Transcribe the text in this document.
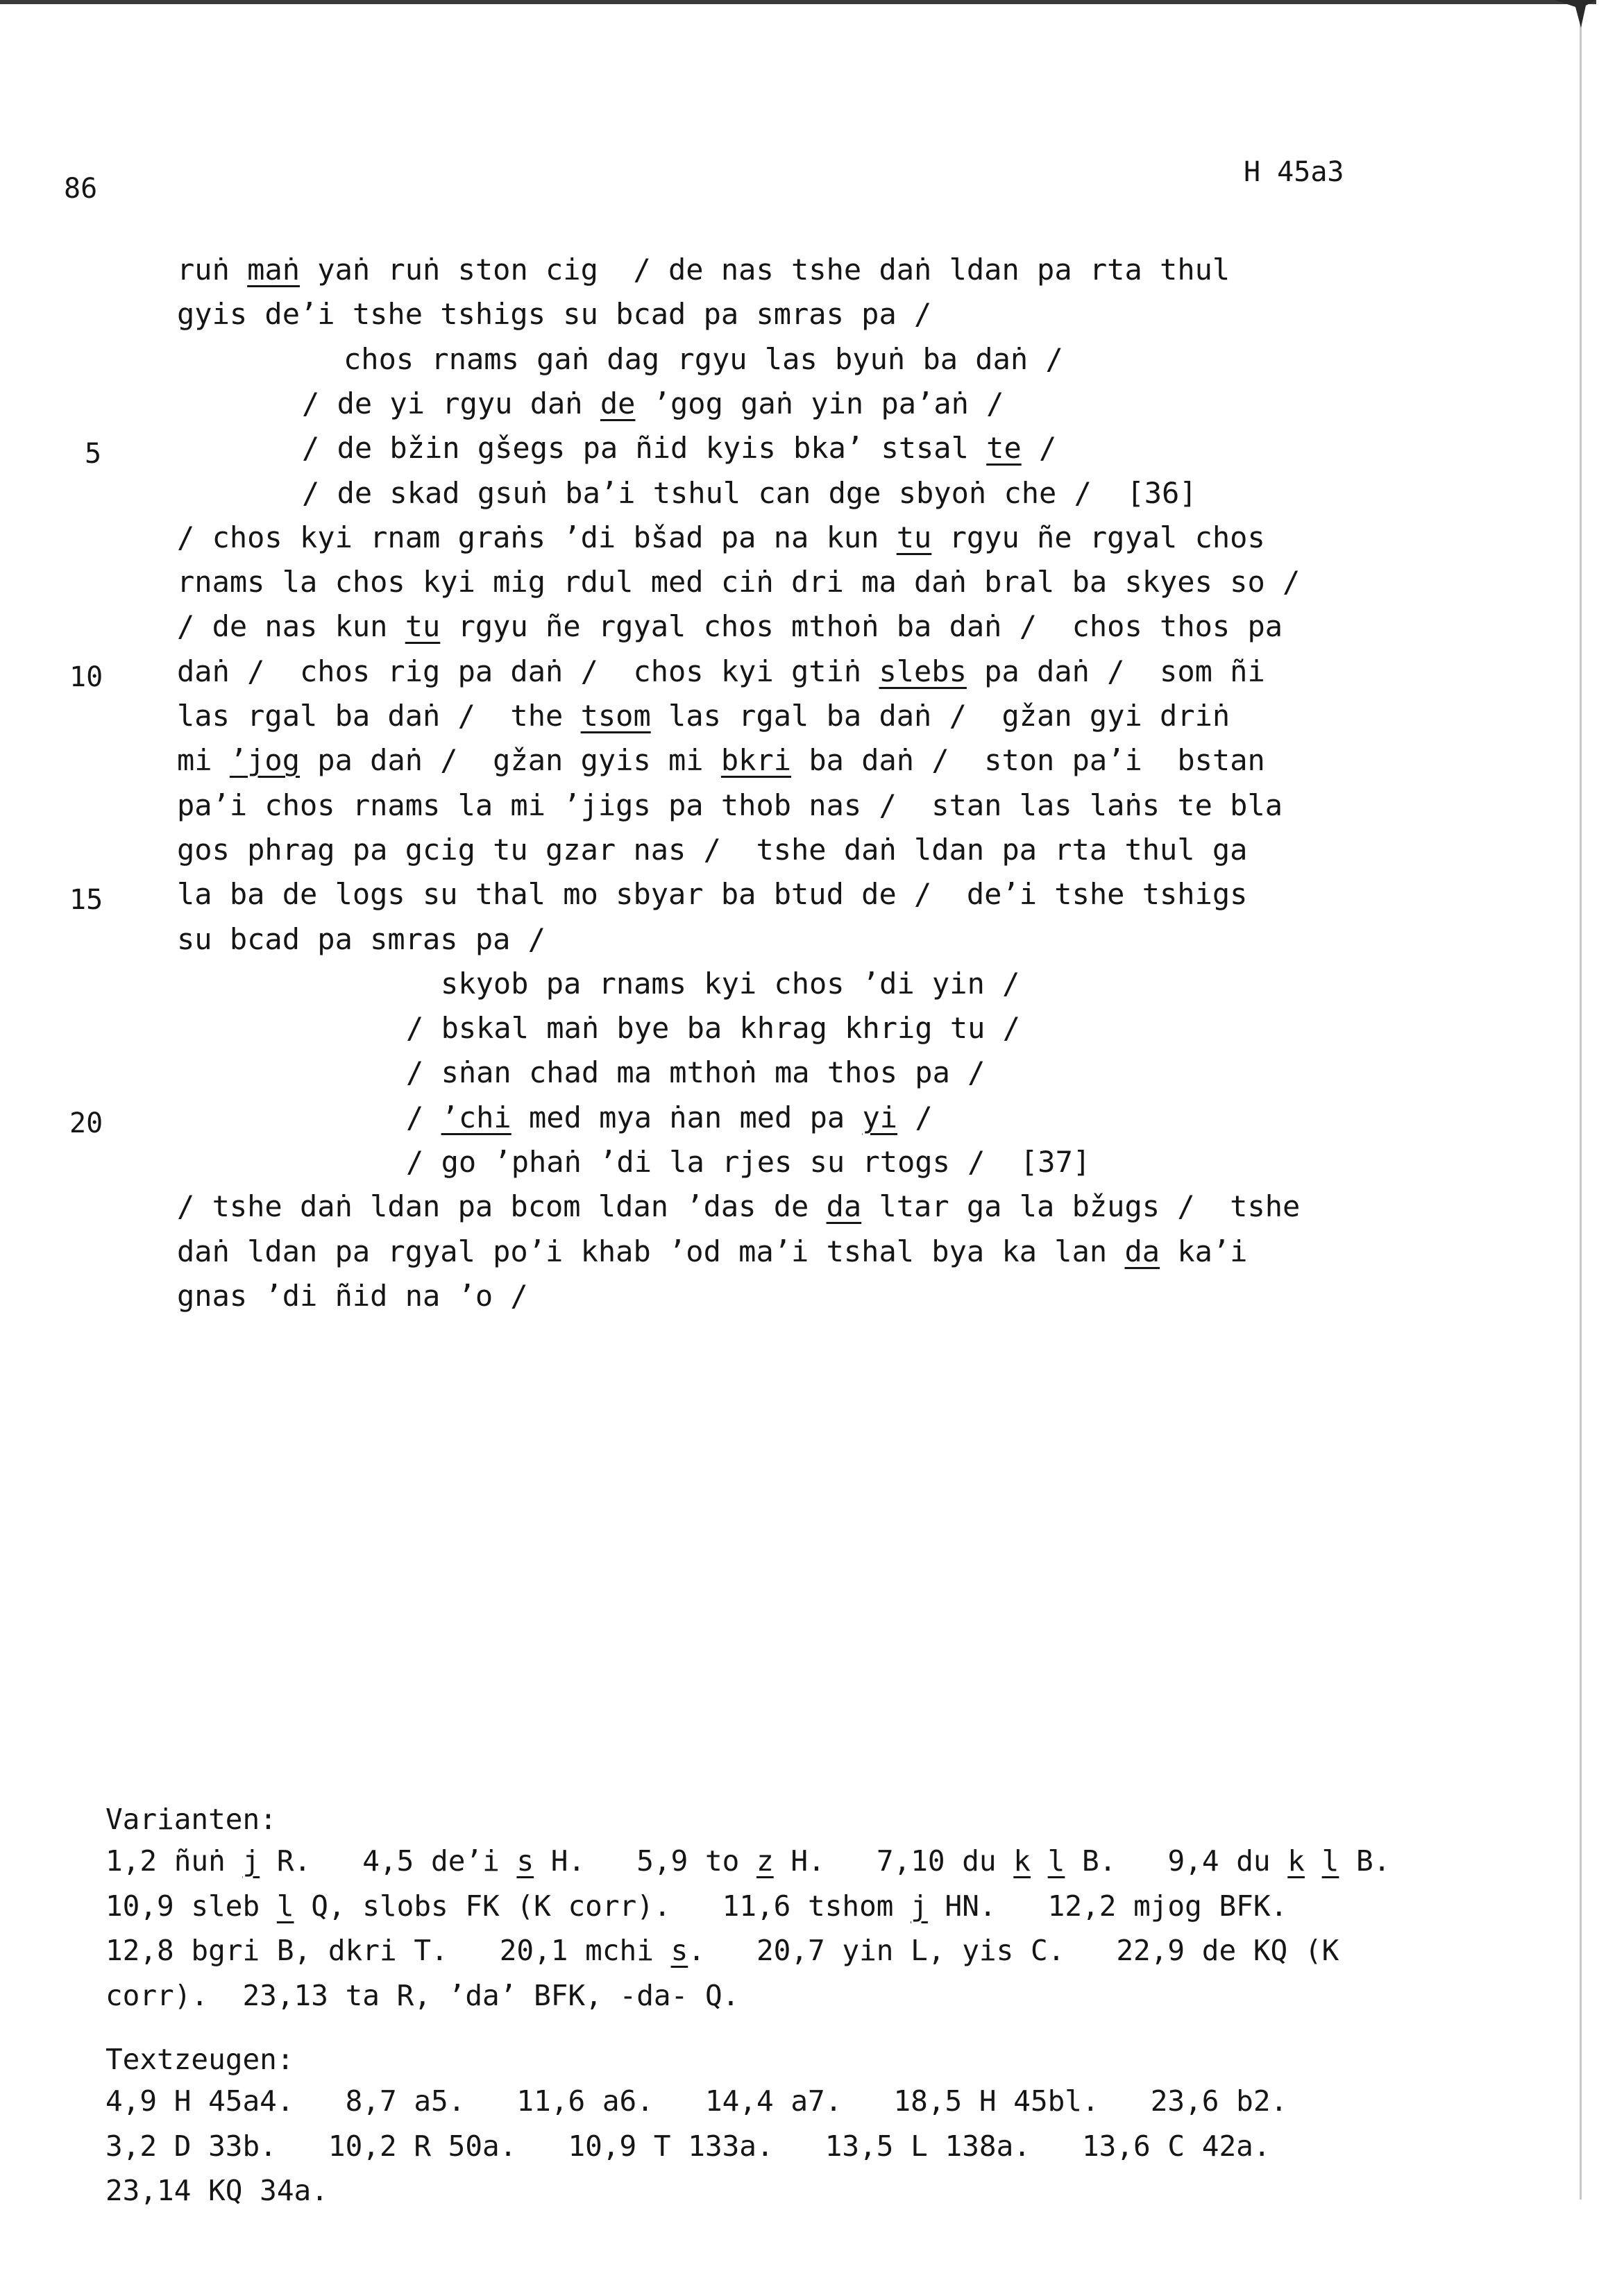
86
H 45a3
ruṅ maṅ yaṅ ruṅ ston cig  / de nas tshe daṅ ldan pa rta thul
gyis de’i tshe tshigs su bcad pa smras pa /
chos rnams gaṅ dag rgyu las byuṅ ba daṅ /
/ de yi rgyu daṅ de ’gog gaṅ yin pa’aṅ /
/ de bžin gšegs pa ñid kyis bka’ stsal te /
/ de skad gsuṅ ba’i tshul can dge sbyoṅ che /  [36]
/ chos kyi rnam graṅs ’di bšad pa na kun tu rgyu ñe rgyal chos
rnams la chos kyi mig rdul med ciṅ dri ma daṅ bral ba skyes so /
/ de nas kun tu rgyu ñe rgyal chos mthoṅ ba daṅ /  chos thos pa
daṅ /  chos rig pa daṅ /  chos kyi gtiṅ slebs pa daṅ /  som ñi
las rgal ba daṅ /  the tsom las rgal ba daṅ /  gžan gyi driṅ
mi ’jog pa daṅ /  gžan gyis mi bkri ba daṅ /  ston pa’i  bstan
pa’i chos rnams la mi ’jigs pa thob nas /  stan las laṅs te bla
gos phrag pa gcig tu gzar nas /  tshe daṅ ldan pa rta thul ga
la ba de logs su thal mo sbyar ba btud de /  de’i tshe tshigs
su bcad pa smras pa /
skyob pa rnams kyi chos ’di yin /
/ bskal maṅ bye ba khrag khrig tu /
/ sṅan chad ma mthoṅ ma thos pa /
/ ’chi med mya ṅan med pa yi /
/ go ’phaṅ ’di la rjes su rtogs /  [37]
/ tshe daṅ ldan pa bcom ldan ’das de da ltar ga la bžugs /  tshe
daṅ ldan pa rgyal po’i khab ’od ma’i tshal bya ka lan da ka’i
gnas ’di ñid na ’o /
5
10
15
20
Varianten:
1,2 ñuṅ j R.   4,5 de’i s H.   5,9 to z H.   7,10 du k l B.   9,4 du k l B.
10,9 sleb l Q, slobs FK (K corr).   11,6 tshom j HN.   12,2 mjog BFK.
12,8 bgri B, dkri T.   20,1 mchi s.   20,7 yin L, yis C.   22,9 de KQ (K
corr).  23,13 ta R, ’da’ BFK, -da- Q.
Textzeugen:
4,9 H 45a4.   8,7 a5.   11,6 a6.   14,4 a7.   18,5 H 45bl.   23,6 b2.
3,2 D 33b.   10,2 R 50a.   10,9 T 133a.   13,5 L 138a.   13,6 C 42a.
23,14 KQ 34a.
